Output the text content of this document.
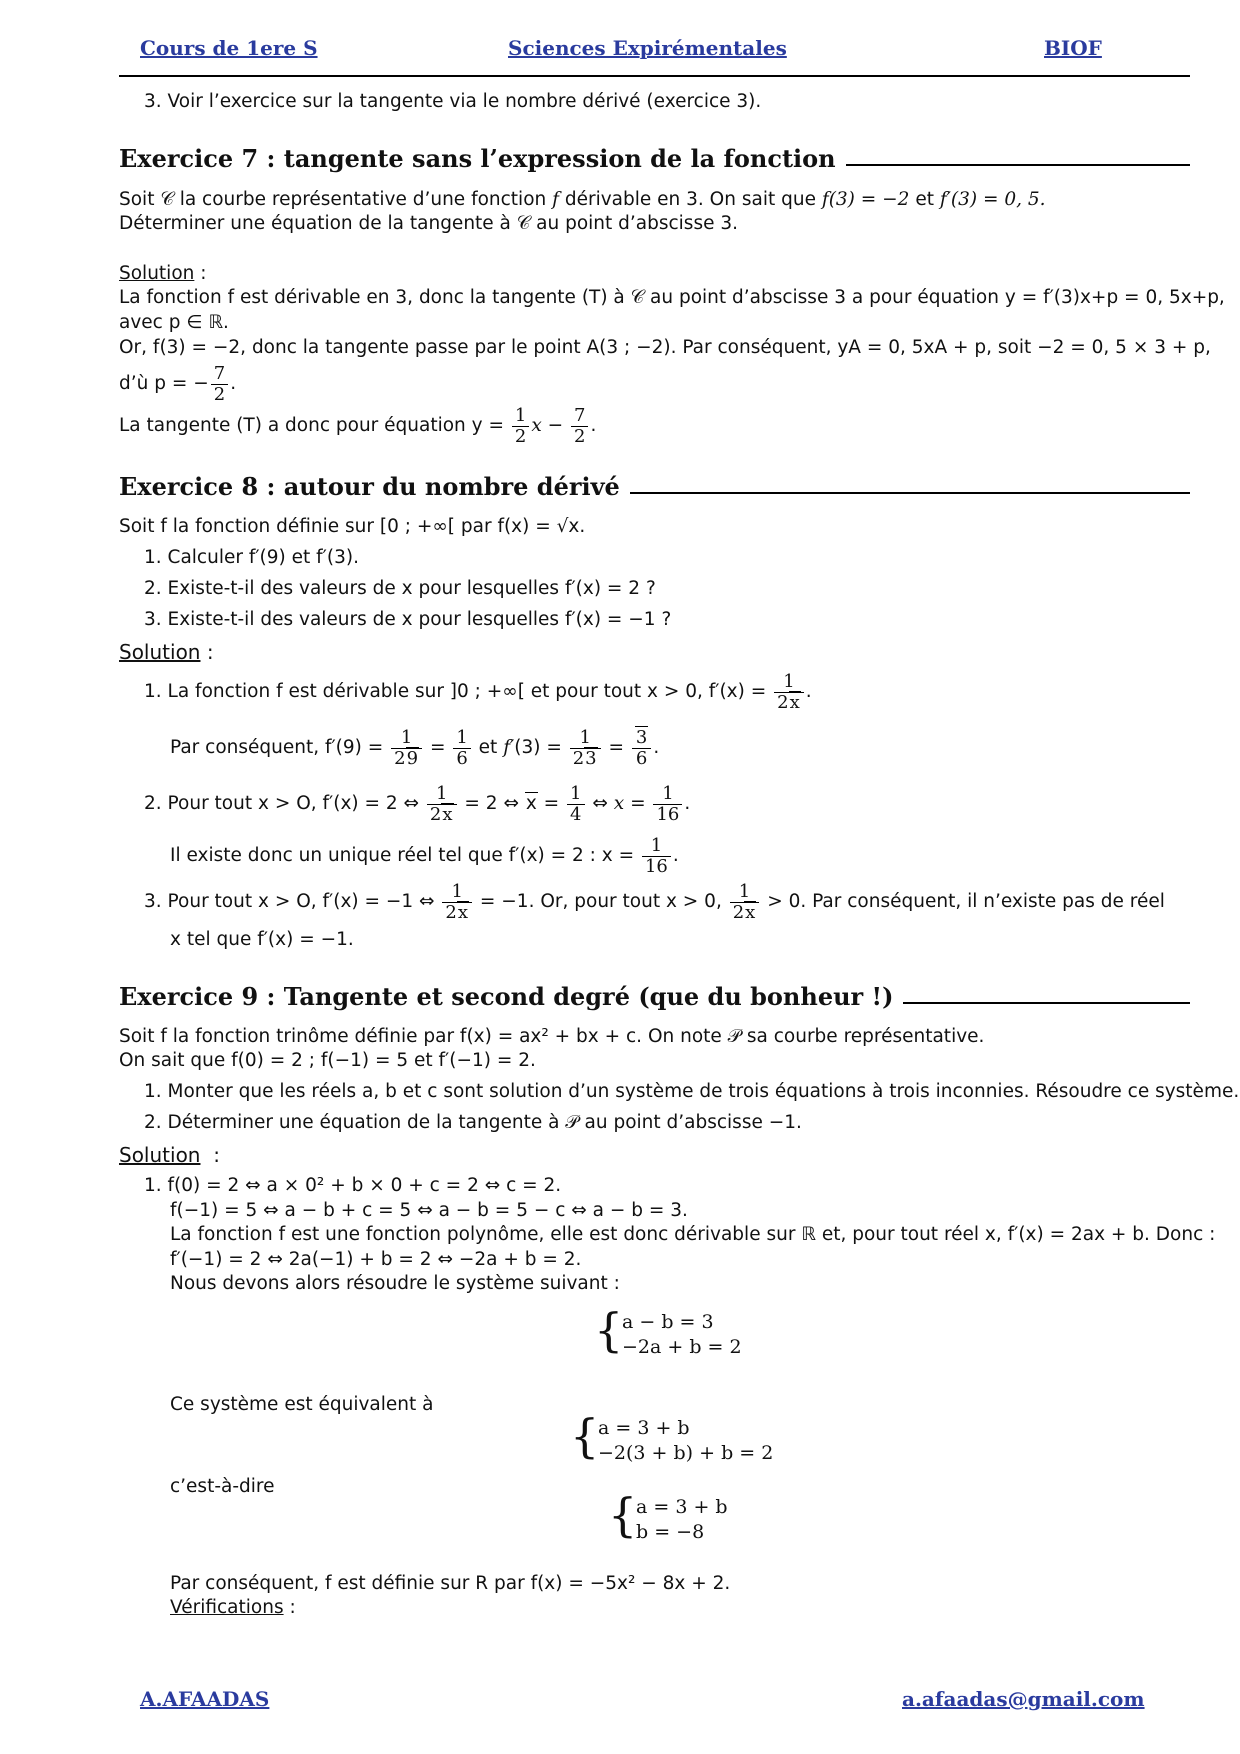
Cours de 1ere S	Sciences Expirémentales	BIOF
3. Voir l’exercice sur la tangente via le nombre dérivé (exercice 3).
Exercice 7 : tangente sans l’expression de la fonction
Soit 𝒞 la courbe représentative d’une fonction f dérivable en 3. On sait que f(3) = −2 et f′(3) = 0, 5.
Déterminer une équation de la tangente à 𝒞 au point d’abscisse 3.
Solution :
La fonction f est dérivable en 3, donc la tangente (T) à 𝒞 au point d’abscisse 3 a pour équation y = f′(3)x+p = 0, 5x+p,
avec p ∈ ℝ.
Or, f(3) = −2, donc la tangente passe par le point A(3 ; −2). Par conséquent, yA = 0, 5xA + p, soit −2 = 0, 5 × 3 + p,
d’ù p = − $\frac{7}{2}$ .
La tangente (T) a donc pour équation $y = \frac{1}{2}$ $x - \frac{7}{2}$ .
Exercice 8 : autour du nombre dérivé
Soit f la fonction définie sur [0 ; +∞[ par f(x) = √x.
1. Calculer f′(9) et f′(3).
2. Existe-t-il des valeurs de x pour lesquelles f′(x) = 2 ?
3. Existe-t-il des valeurs de x pour lesquelles f′(x) = −1 ?
Solution :
1. La fonction f est dérivable sur ]0 ; +∞[ et pour tout x > 0, $f'(x) = \frac{1}{2x}$ .
Par conséquent, $f'(9) = \frac{1}{29} = \frac{1}{6}$ et $f'(3) = \frac{1}{23} = \frac{3}{6}$ .
2. Pour tout x > O, f′(x) = 2 ⇔ $\frac{1}{2x} = 2$ ⇔ $x = \frac{1}{4}$ ⇔ $x = \frac{1}{16}$ .
Il existe donc un unique réel tel que f′(x) = 2 : $x = \frac{1}{16}$ .
3. Pour tout x > O, f′(x) = −1 ⇔ $\frac{1}{2x} = -1$. Or, pour tout x > 0, $\frac{1}{2x} > 0$. Par conséquent, il n’existe pas de réel
x tel que f′(x) = −1.
Exercice 9 : Tangente et second degré (que du bonheur !)
Soit f la fonction trinôme définie par f(x) = ax² + bx + c. On note 𝒫 sa courbe représentative.
On sait que f(0) = 2 ; f(−1) = 5 et f′(−1) = 2.
1. Monter que les réels a, b et c sont solution d’un système de trois équations à trois inconnies. Résoudre ce système.
2. Déterminer une équation de la tangente à 𝒫 au point d’abscisse −1.
Solution  :
1. f(0) = 2 ⇔ a × 0² + b × 0 + c = 2 ⇔ c = 2.
f(−1) = 5 ⇔ a − b + c = 5 ⇔ a − b = 5 − c ⇔ a − b = 3.
La fonction f est une fonction polynôme, elle est donc dérivable sur ℝ et, pour tout réel x, f′(x) = 2ax + b. Donc :
f′(−1) = 2 ⇔ 2a(−1) + b = 2 ⇔ −2a + b = 2.
Nous devons alors résoudre le système suivant :
{
a − b = 3
−2a + b = 2
Ce système est équivalent à
{
a = 3 + b
−2(3 + b) + b = 2
c’est-à-dire
{
a = 3 + b
b = −8
Par conséquent, f est définie sur R par f(x) = −5x² − 8x + 2.
Vérifications :
A.AFAADAS	a.afaadas@gmail.com
